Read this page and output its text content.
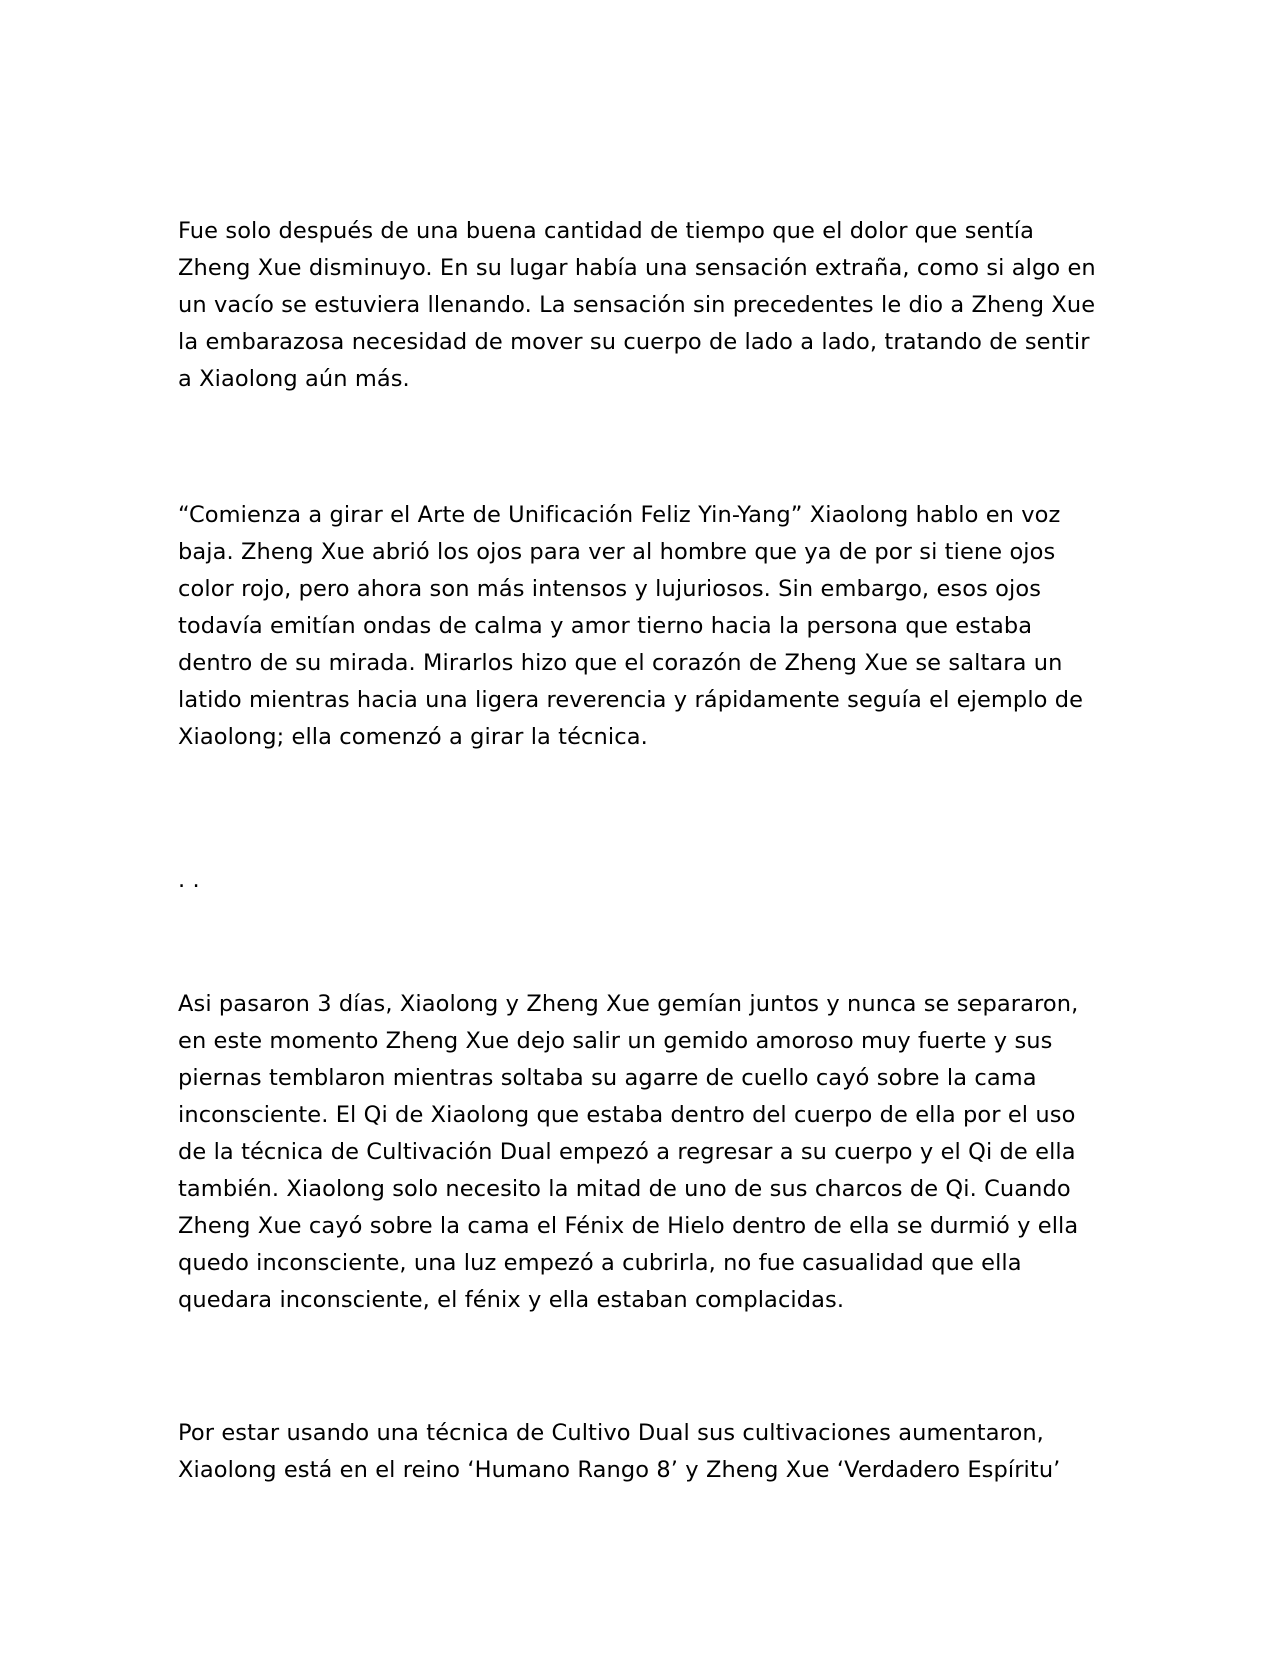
Fue solo después de una buena cantidad de tiempo que el dolor que sentía
Zheng Xue disminuyo. En su lugar había una sensación extraña, como si algo en
un vacío se estuviera llenando. La sensación sin precedentes le dio a Zheng Xue
la embarazosa necesidad de mover su cuerpo de lado a lado, tratando de sentir
a Xiaolong aún más.

“Comienza a girar el Arte de Unificación Feliz Yin-Yang” Xiaolong hablo en voz
baja. Zheng Xue abrió los ojos para ver al hombre que ya de por si tiene ojos
color rojo, pero ahora son más intensos y lujuriosos. Sin embargo, esos ojos
todavía emitían ondas de calma y amor tierno hacia la persona que estaba
dentro de su mirada. Mirarlos hizo que el corazón de Zheng Xue se saltara un
latido mientras hacia una ligera reverencia y rápidamente seguía el ejemplo de
Xiaolong; ella comenzó a girar la técnica.

. .

Asi pasaron 3 días, Xiaolong y Zheng Xue gemían juntos y nunca se separaron,
en este momento Zheng Xue dejo salir un gemido amoroso muy fuerte y sus
piernas temblaron mientras soltaba su agarre de cuello cayó sobre la cama
inconsciente. El Qi de Xiaolong que estaba dentro del cuerpo de ella por el uso
de la técnica de Cultivación Dual empezó a regresar a su cuerpo y el Qi de ella
también. Xiaolong solo necesito la mitad de uno de sus charcos de Qi. Cuando
Zheng Xue cayó sobre la cama el Fénix de Hielo dentro de ella se durmió y ella
quedo inconsciente, una luz empezó a cubrirla, no fue casualidad que ella
quedara inconsciente, el fénix y ella estaban complacidas.

Por estar usando una técnica de Cultivo Dual sus cultivaciones aumentaron,
Xiaolong está en el reino ‘Humano Rango 8’ y Zheng Xue ‘Verdadero Espíritu’
